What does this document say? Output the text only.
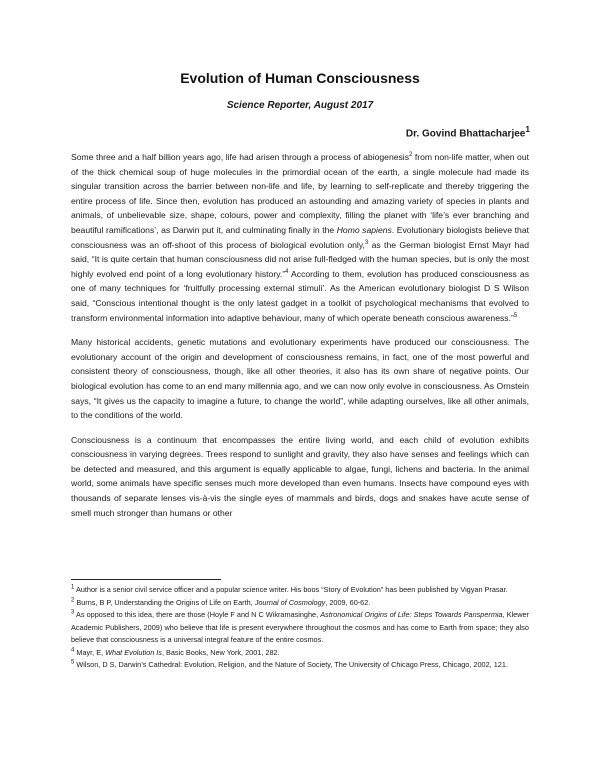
Evolution of Human Consciousness
Science Reporter, August 2017
Dr. Govind Bhattacharjee$^1$

Some three and a half billion years ago, life had arisen through a process of abiogenesis$^2$ from non-life matter, when out of the thick chemical soup of huge molecules in the primordial ocean of the earth, a single molecule had made its singular transition across the barrier between non-life and life, by learning to self-replicate and thereby triggering the entire process of life. Since then, evolution has produced an astounding and amazing variety of species in plants and animals, of unbelievable size, shape, colours, power and complexity, filling the planet with ‘life’s ever branching and beautiful ramifications’, as Darwin put it, and culminating finally in the Homo sapiens. Evolutionary biologists believe that consciousness was an off-shoot of this process of biological evolution only,$^3$ as the German biologist Ernst Mayr had said, “It is quite certain that human consciousness did not arise full-fledged with the human species, but is only the most highly evolved end point of a long evolutionary history.”$^4$ According to them, evolution has produced consciousness as one of many techniques for ‘fruitfully processing external stimuli’. As the American evolutionary biologist D S Wilson said, “Conscious intentional thought is the only latest gadget in a toolkit of psychological mechanisms that evolved to transform environmental information into adaptive behaviour, many of which operate beneath conscious awareness.”$^5$

Many historical accidents, genetic mutations and evolutionary experiments have produced our consciousness. The evolutionary account of the origin and development of consciousness remains, in fact, one of the most powerful and consistent theory of consciousness, though, like all other theories, it also has its own share of negative points. Our biological evolution has come to an end many millennia ago, and we can now only evolve in consciousness. As Ornstein says, “It gives us the capacity to imagine a future, to change the world”, while adapting ourselves, like all other animals, to the conditions of the world.

Consciousness is a continuum that encompasses the entire living world, and each child of evolution exhibits consciousness in varying degrees. Trees respond to sunlight and gravity, they also have senses and feelings which can be detected and measured, and this argument is equally applicable to algae, fungi, lichens and bacteria. In the animal world, some animals have specific senses much more developed than even humans. Insects have compound eyes with thousands of separate lenses vis-à-vis the single eyes of mammals and birds, dogs and snakes have acute sense of smell much stronger than humans or other

$^1$ Author is a senior civil service officer and a popular science writer. His boos “Story of Evolution” has been published by Vigyan Prasar.

$^2$ Burns, B P, Understanding the Origins of Life on Earth, Journal of Cosmology, 2009, 60-62.

$^3$ As opposed to this idea, there are those (Hoyle F and N C Wikramasinghe, Astronomical Origins of Life: Steps Towards Panspermia, Klewer Academic Publishers, 2009) who believe that life is present everywhere throughout the cosmos and has come to Earth from space; they also believe that consciousness is a universal integral feature of the entire cosmos.

$^4$ Mayr, E, What Evolution Is, Basic Books, New York, 2001, 282.

$^5$ Wilson, D S, Darwin’s Cathedral: Evolution, Religion, and the Nature of Society, The University of Chicago Press, Chicago, 2002, 121.
